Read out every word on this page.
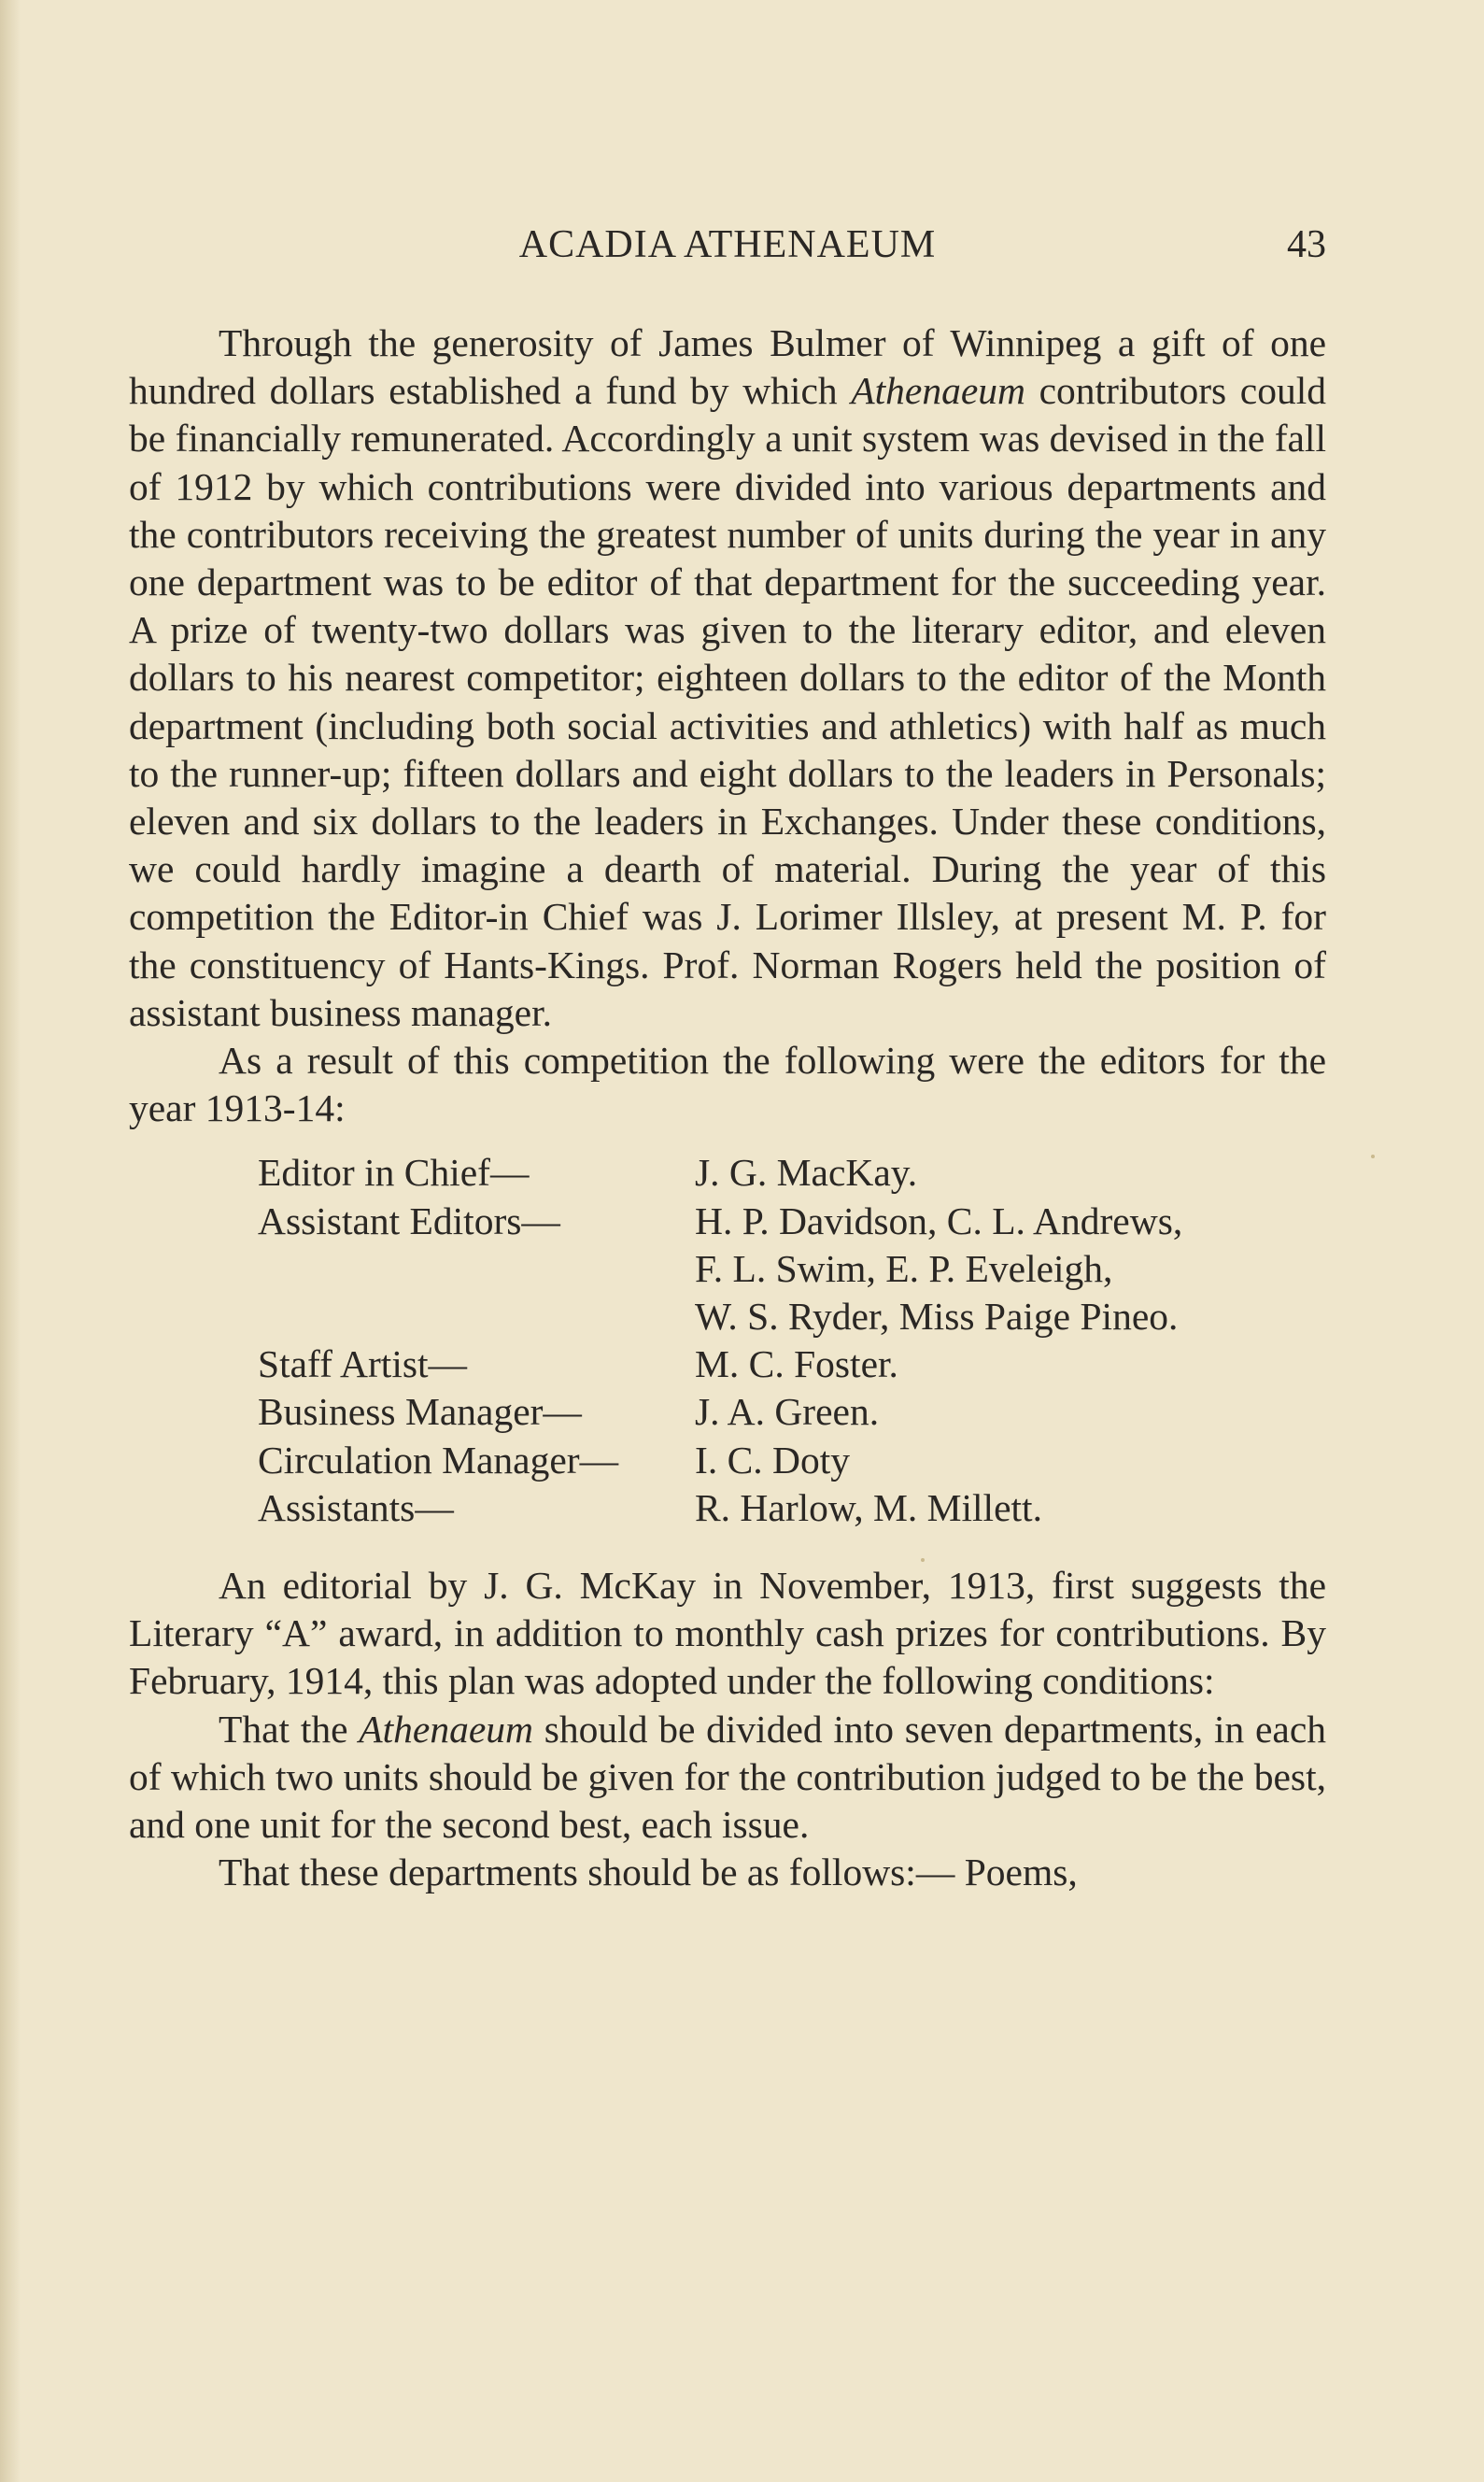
ACADIA ATHENAEUM	43

Through the generosity of James Bulmer of Winnipeg a gift of one hundred dollars established a fund by which Athenaeum contributors could be financially remunerated. Accordingly a unit system was devised in the fall of 1912 by which contributions were divided into various departments and the contributors receiving the greatest number of units during the year in any one department was to be editor of that department for the succeeding year. A prize of twenty-two dollars was given to the literary editor, and eleven dollars to his nearest competitor; eighteen dollars to the editor of the Month department (including both social activities and athletics) with half as much to the runner-up; fifteen dollars and eight dollars to the leaders in Personals; eleven and six dollars to the leaders in Exchanges. Under these conditions, we could hardly imagine a dearth of material. During the year of this competition the Editor-in Chief was J. Lorimer Illsley, at present M. P. for the constituency of Hants-Kings. Prof. Norman Rogers held the position of assistant business manager.

As a result of this competition the following were the editors for the year 1913-14:

Editor in Chief—	J. G. MacKay.
Assistant Editors—	H. P. Davidson, C. L. Andrews,
	F. L. Swim, E. P. Eveleigh,
	W. S. Ryder, Miss Paige Pineo.
Staff Artist—	M. C. Foster.
Business Manager—	J. A. Green.
Circulation Manager—	I. C. Doty
Assistants—	R. Harlow, M. Millett.

An editorial by J. G. McKay in November, 1913, first suggests the Literary “A” award, in addition to monthly cash prizes for contributions. By February, 1914, this plan was adopted under the following conditions:

That the Athenaeum should be divided into seven departments, in each of which two units should be given for the contribution judged to be the best, and one unit for the second best, each issue.

That these departments should be as follows:— Poems,
